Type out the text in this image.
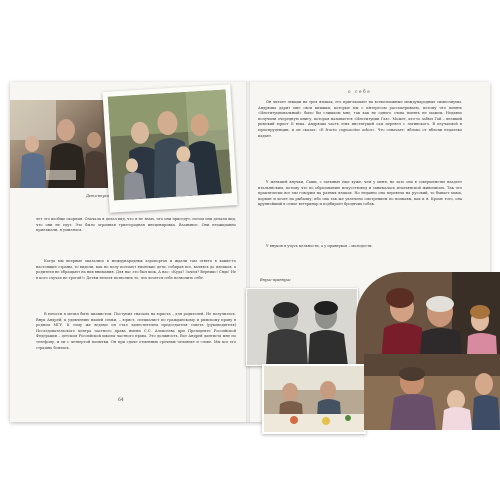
Дети-внуки

лет это вообще скорпия. Сначала я делал вид, что я не знаю, что они приседут, потом они делали вид, что они не едут. Это было огромная триггородная инсценировка. Взаимное. Они неожиданно приезжали, я умилялся.

Когда мы впервые оказались в международных аэропортах и ждали там ответа в какие-то настоящие страны, то видели, как по полу ползают японские дети, собирая все, валяясь до плеиков, а родители не обращают на них внимания. Для нас это был шок. А нас: «Куда? Зачем? Верникс! Сядь! Не в кого случае не трогай!» Детям нельзя позволить то, что хочется себе позволить себе.

В юности я метил быть пианистом. Поступил сначала на юриста – для родителей. Не получилось. Внук Андрей, к удивлению нашей семьи, – юрист, специалист по гражданскому и римскому праву в родном МГУ. К тому же ведомо он стал заместителем председателя совета (руководителя) Исследовательского центра частного права имени С.С. Алексеева при Президенте Российской Федерации – детском Российской школы частного права. Это должность. Вот Андрей дантиста мне по телефону, и он с четвертой попытки. Он при сдаче отменных срочных человеке и слове. Мы все его страшно боялись.

64
о себе

Он читает лекции на трех языках, его приглашают на всевозможные международные симпозиумы. Андрюша дарит мне свои книжки, которые мы с интересом рассматриваем, потому что понять «Институциональный» было бы слишком мне, так как не одного слова понять не можем. Недавно получили очередную книгу, которая называется «Институции Гая». Может, кто-то забыл Гай – великий римский юрист II века. Андрюша часть этих институций сам перевел с латинского. В изучаемой в юриспруденции, и он сказал: «E fructu cognoscitur arbor». Что означает: яблоко от яблони недалеко падает.

У меньшей внучки, Саши, с латынью еще хуже, чем у меня, но зато она в совершенстве владеет итальянским, потому что по образованию искусствовед и занималась итальянской живописью. Так что практически все мы говорим на разных языках. Но недавно она перевела на русский, то бывает мама, кормит и хочет на рыбалку; ибо она так же увлечено смотрением по попкаям, как и я. Кроме того, она крупнейший в семье ветеринар и подбирает бродячих собак.

У внуков я учусь цельности, а у правнуков – молодости.

Внуки-правнуки
